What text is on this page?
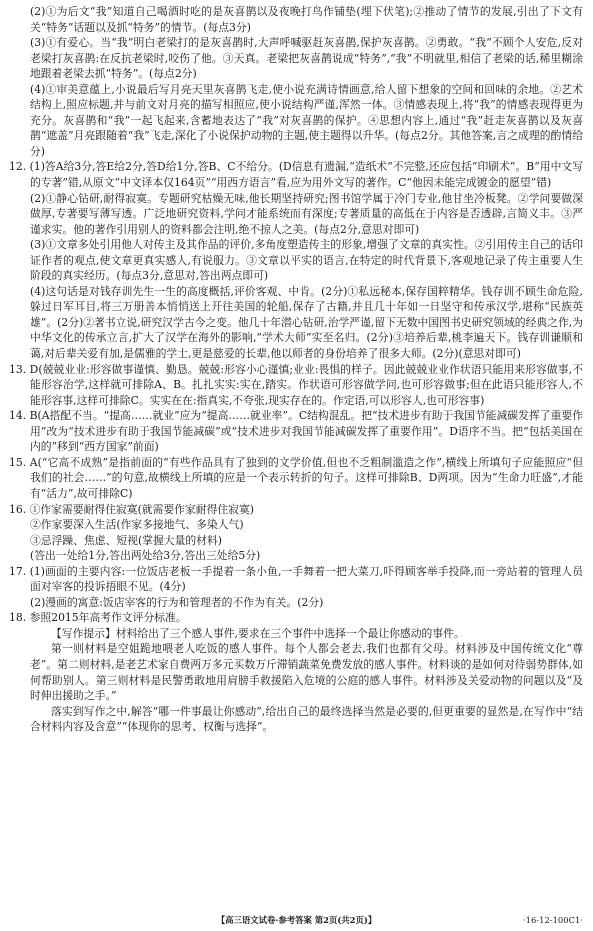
(2)①为后文“我”知道自己喝酒时吃的是灰喜鹊以及夜晚打鸟作铺垫(埋下伏笔);②推动了情节的发展,引出了下文有关“特务”话题以及抓“特务”的情节。(每点3分)

(3)①有爱心。当“我”明白老梁打的是灰喜鹊时,大声呼喊驱赶灰喜鹊,保护灰喜鹊。②勇敢。“我”不顾个人安危,反对老梁打灰喜鹊:在反抗老梁时,咬伤了他。③天真。老梁把灰喜鹊说成“特务”,“我”不明就里,相信了老梁的话,稀里糊涂地跟着老梁去抓“特务”。(每点2分)

(4)①审美意蕴上,小说最后写月亮天里灰喜鹊飞走,使小说充满诗情画意,给人留下想象的空间和回味的余地。②艺术结构上,照应标题,并与前文对月亮的描写相照应,使小说结构严谨,浑然一体。③情感表现上,将“我”的情感表现得更为充分。灰喜鹊和“我”一起飞起来,含蓄地表达了“我”对灰喜鹊的保护。④思想内容上,通过“我”赶走灰喜鹊以及灰喜鹊“遮盖”月亮跟随着“我”飞走,深化了小说保护动物的主题,使主题得以升华。(每点2分。其他答案,言之成理的酌情给分)

12. (1)答A给3分,答E给2分,答D给1分,答B、C不给分。(D信息有遗漏,“造纸术”不完整,还应包括“印刷术”。B“用中文写的专著”错,从原文“中文译本仅164页”“用西方语言”看,应为用外文写的著作。C“他因未能完成镀金的愿望”错)

(2)①静心钻研,耐得寂寞。专题研究枯燥无味,他长期坚持研究;图书馆学属于冷门专业,他甘坐冷板凳。②学问要做深做厚,专著要写薄写透。广泛地研究资料,学问才能系统而有深度;专著质量的高低在于内容是否透辟,言简义丰。③严谨求实。他的著作引用别人的资料都会注明,绝不掠人之美。(每点2分,意思对即可)

(3)①文章多处引用他人对传主及其作品的评价,多角度塑造传主的形象,增强了文章的真实性。②引用传主自己的话印证作者的观点,使文章更真实感人,有说服力。③文章以平实的语言,在特定的时代背景下,客观地记录了传主重要人生阶段的真实经历。(每点3分,意思对,答出两点即可)

(4)这句话是对钱存训先生一生的高度概括,评价客观、中肯。(2分)①私远秘本,保存国粹精华。钱存训不顾生命危险,躲过日军耳目,将三万册善本悄悄送上开往美国的轮船,保存了古籍,并且几十年如一日坚守和传承汉学,堪称“民族英雄”。(2分)②著书立说,研究汉学古今之变。他几十年潜心钻研,治学严谨,留下无数中国图书史研究领域的经典之作,为中华文化的传承立言,扩大了汉学在海外的影响,“学术大师”实至名归。(2分)③培养后辈,桃李遍天下。钱存训谦顺和蔼,对后辈关爱有加,是儒雅的学士,更是慈爱的长辈,他以师者的身份培养了很多大师。(2分)(意思对即可)

13. D(兢兢业业:形容做事谨慎、勤恳。兢兢:形容小心谨慎;业业:畏惧的样子。因此兢兢业业作状语只能用来形容做事,不能形容治学,这样就可排除A、B。扎扎实实:实在,踏实。作状语可形容做学问,也可形容做事;但在此语只能形容人,不能形容事,这样可排除C。实实在在:指真实,不夸张,现实存在的。作定语,可以形容人,也可形容事)

14. B(A搭配不当。“提高……就业”应为“提高……就业率”。C结构混乱。把“技术进步有助于我国节能减碳发挥了重要作用”改为“技术进步有助于我国节能减碳”或“技术进步对我国节能减碳发挥了重要作用”。D语序不当。把“包括美国在内的”移到“西方国家”前面)

15. A(“它高不成熟”是指前面的“有些作品具有了独到的文学价值,但也不乏粗制滥造之作”,横线上所填句子应能照应“但我们的社会……”的句意,故横线上所填的应是一个表示转折的句子。这样可排除B、D两项。因为“生命力旺盛”,才能有“活力”,故可排除C)

16. ①作家需要耐得住寂寞(就需要作家耐得住寂寞)

②作家要深入生活(作家多接地气、多染人气)

③忌浮躁、焦虑、短视(掌握大量的材料)

(答出一处给1分,答出两处给3分,答出三处给5分)

17. (1)画面的主要内容:一位饭店老板一手提着一条小鱼,一手舞着一把大菜刀,吓得顾客举手投降,而一旁站着的管理人员面对宰客的投诉捂眼不见。(4分)

(2)漫画的寓意:饭店宰客的行为和管理者的不作为有关。(2分)

18. 参照2015年高考作文评分标准。

【写作提示】材料给出了三个感人事件,要求在三个事件中选择一个最让你感动的事件。

第一则材料是空姐跪地喂老人吃饭的感人事件。每个人都会老去,我们也都有父母。材料涉及中国传统文化“尊老”。第二则材料,是老艺术家自费两万多元买数万斤滞销蔬菜免费发放的感人事件。材料谈的是如何对待弱势群体,如何帮助别人。第三则材料是民警勇敢地用肩膀手救援陷入危境的公庭的感人事件。材料涉及关爱动物的问题以及“及时伸出援助之手。”

落实到写作之中,解答“哪一件事最让你感动”,给出自己的最终选择当然是必要的,但更重要的显然是,在写作中“结合材料内容及含意”“体现你的思考、权衡与选择”。

【高三语文试卷·参考答案 第2页(共2页)】	·16-12-100C1·
